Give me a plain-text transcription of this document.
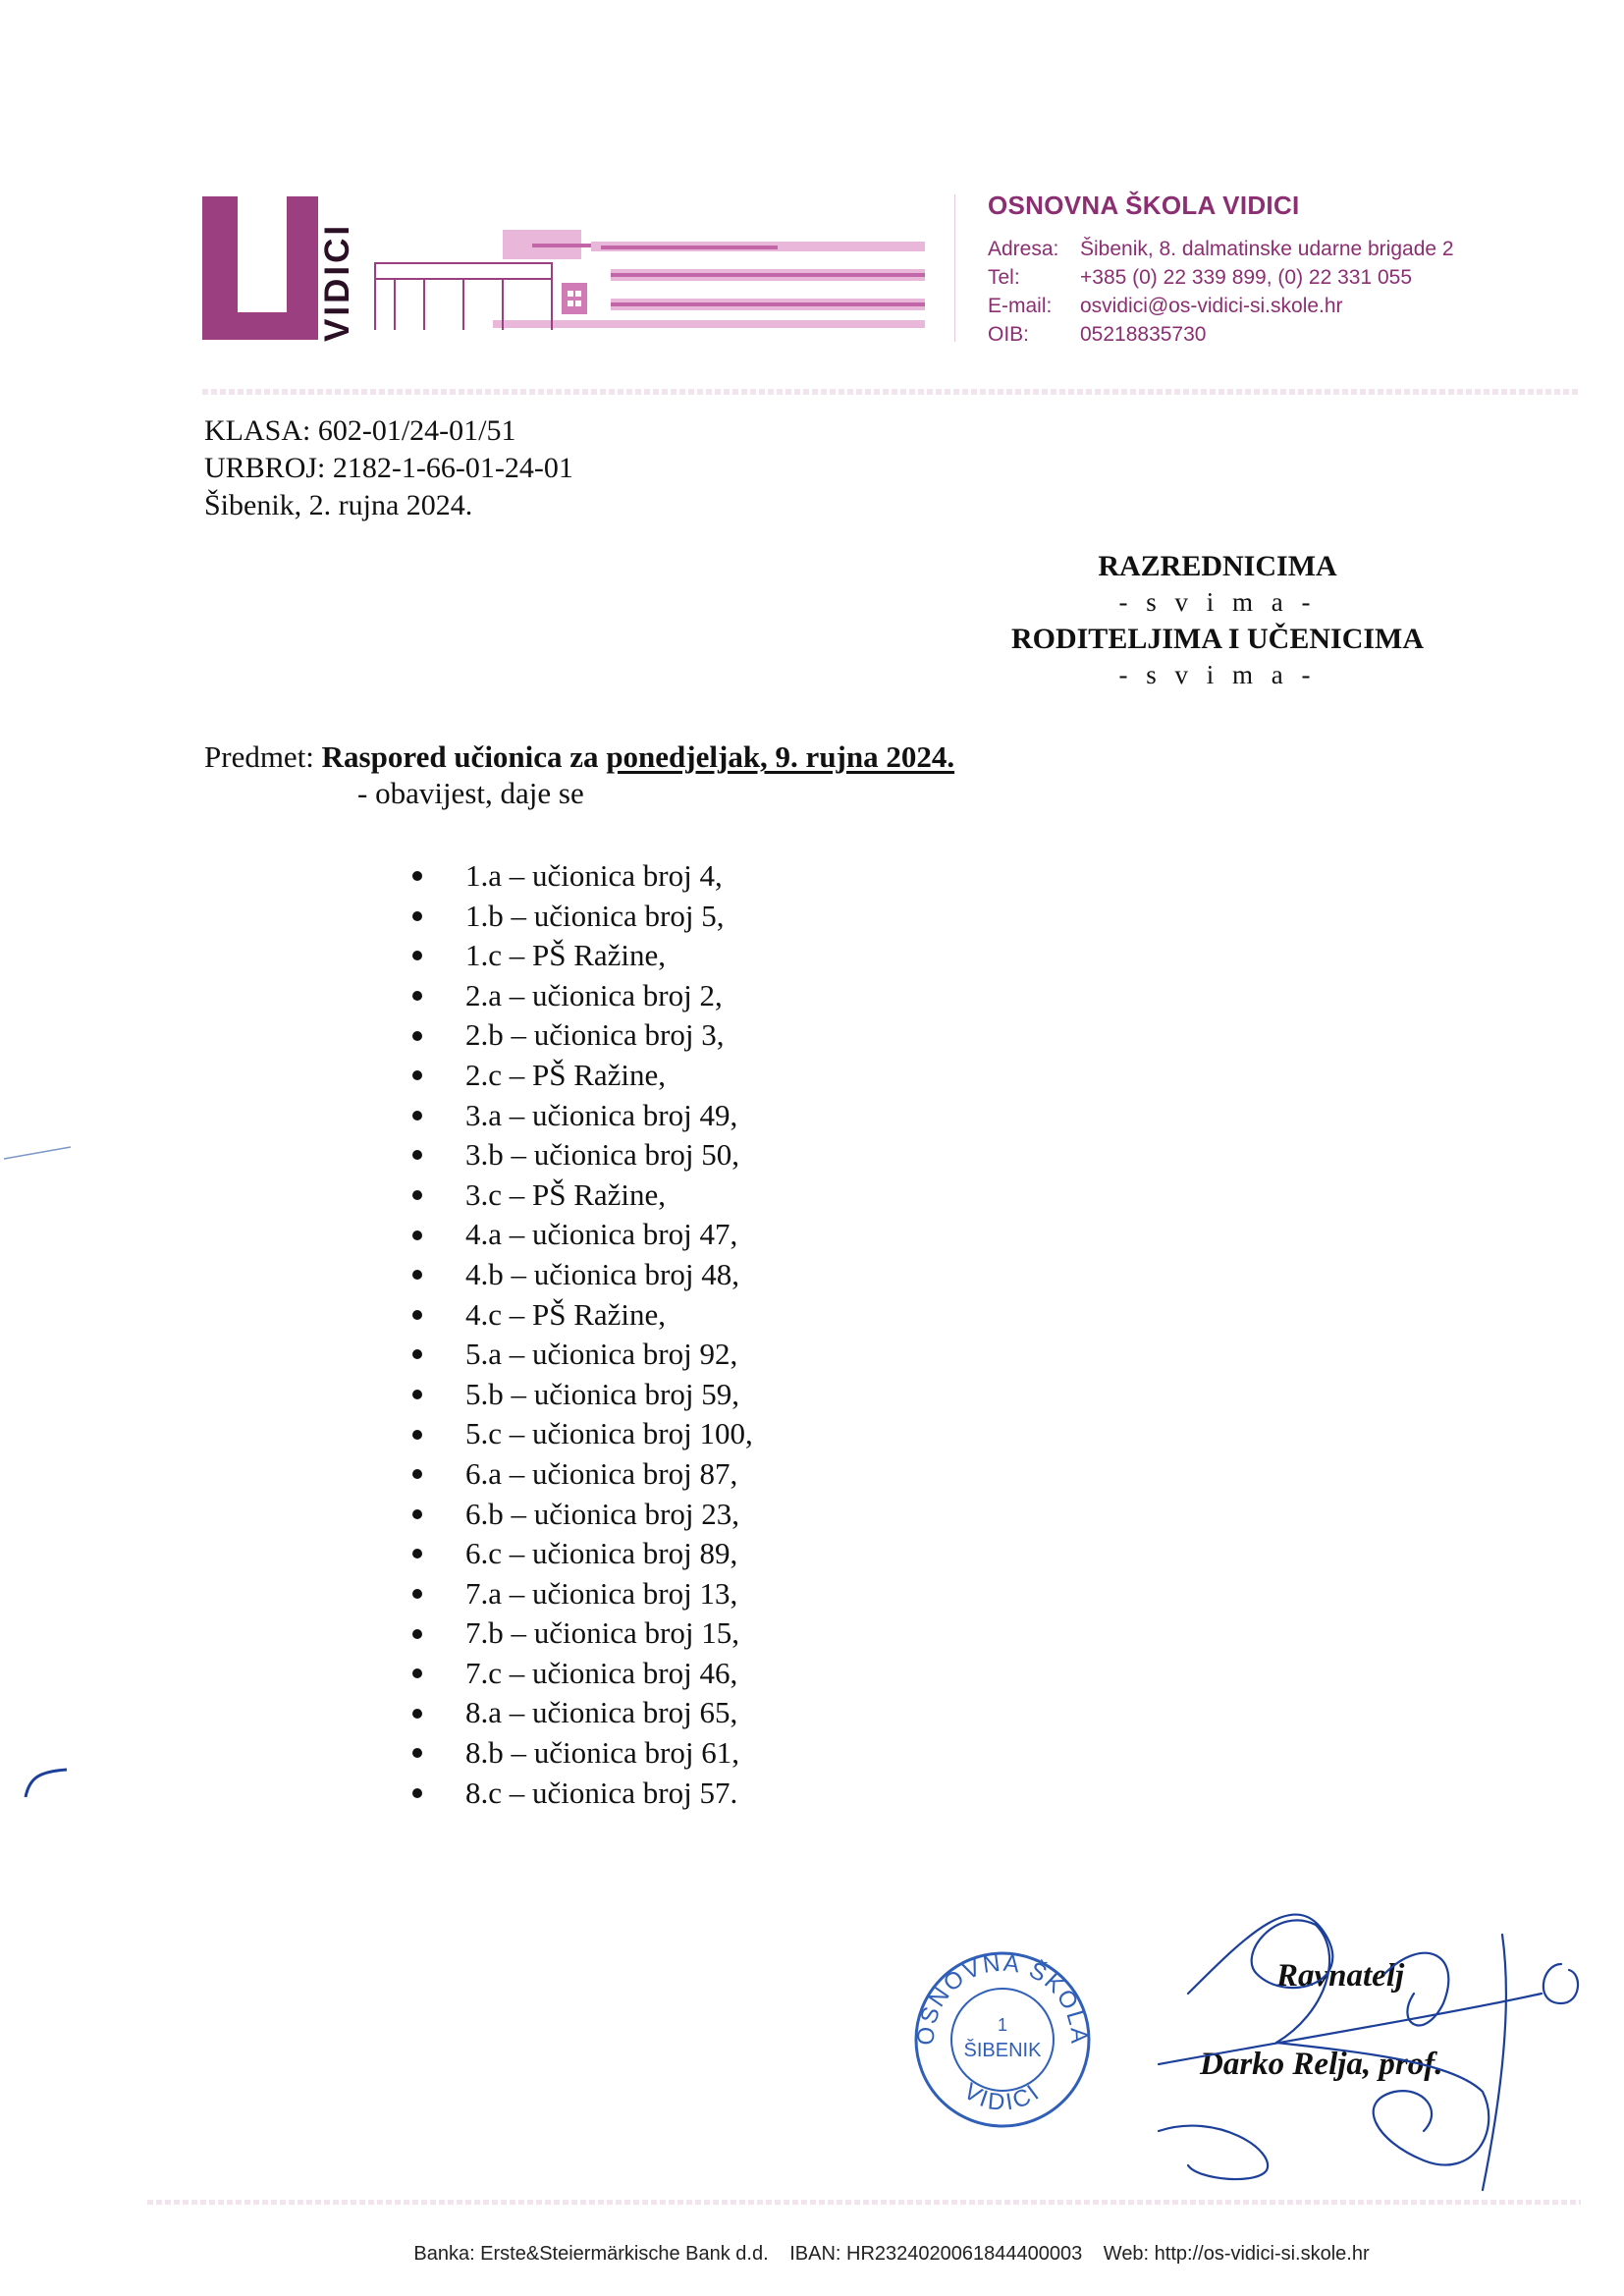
VIDICI
OSNOVNA ŠKOLA VIDICI
Adresa:	Šibenik, 8. dalmatinske udarne brigade 2
Tel:	+385 (0) 22 339 899, (0) 22 331 055
E-mail:	osvidici@os-vidici-si.skole.hr
OIB:	05218835730
KLASA: 602-01/24-01/51
URBROJ: 2182-1-66-01-24-01
Šibenik, 2. rujna 2024.
RAZREDNICIMA
- s v i m a -
RODITELJIMA I UČENICIMA
- s v i m a -
Predmet: Raspored učionica za ponedjeljak, 9. rujna 2024.
- obavijest, daje se
1.a – učionica broj 4,
1.b – učionica broj 5,
1.c – PŠ Ražine,
2.a – učionica broj 2,
2.b – učionica broj 3,
2.c – PŠ Ražine,
3.a – učionica broj 49,
3.b – učionica broj 50,
3.c – PŠ Ražine,
4.a – učionica broj 47,
4.b – učionica broj 48,
4.c – PŠ Ražine,
5.a – učionica broj 92,
5.b – učionica broj 59,
5.c – učionica broj 100,
6.a – učionica broj 87,
6.b – učionica broj 23,
6.c – učionica broj 89,
7.a – učionica broj 13,
7.b – učionica broj 15,
7.c – učionica broj 46,
8.a – učionica broj 65,
8.b – učionica broj 61,
8.c – učionica broj 57.
OSNOVNA ŠKOLA
VIDICI
1
ŠIBENIK
Ravnatelj
Darko Relja, prof.
Banka: Erste&Steiermärkische Bank d.d. IBAN: HR2324020061844400003 Web: http://os-vidici-si.skole.hr
